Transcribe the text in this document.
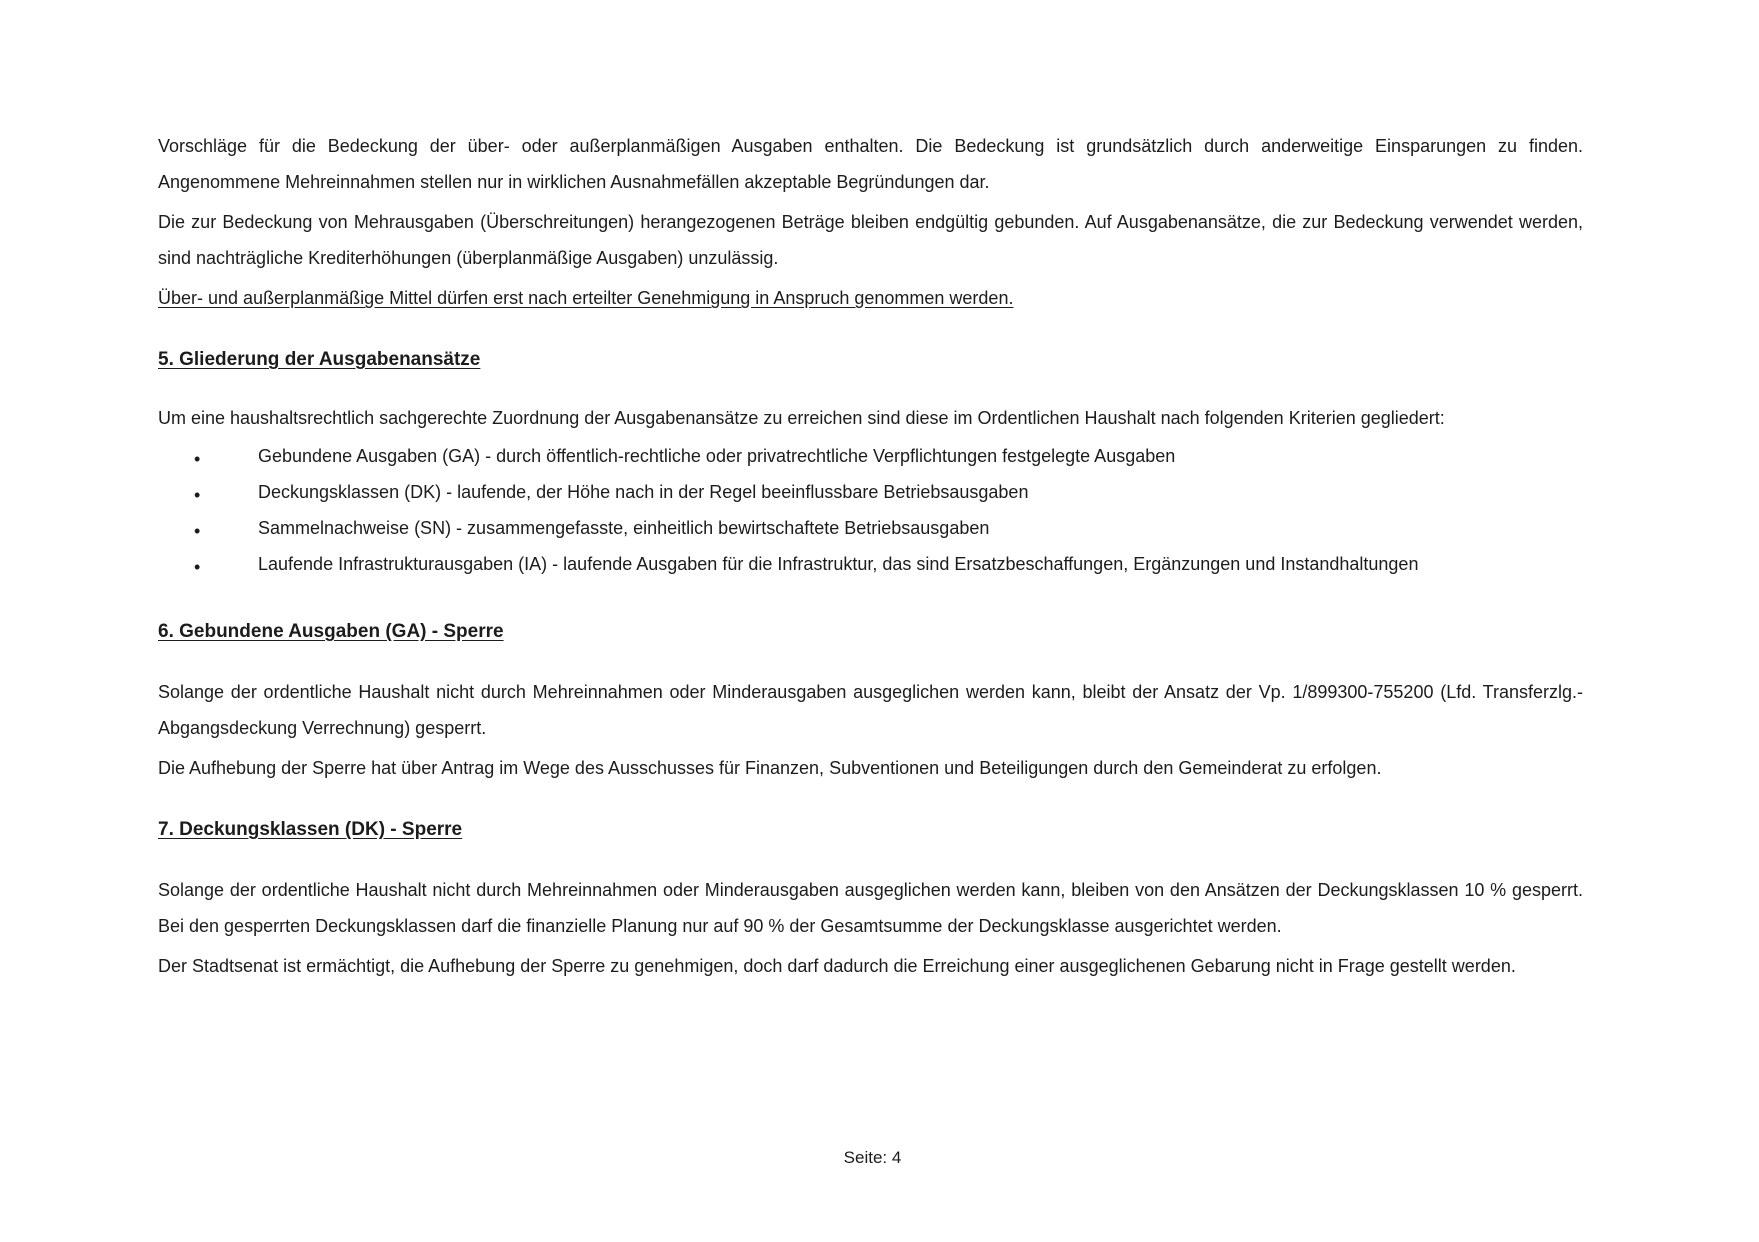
Vorschläge für die Bedeckung der über- oder außerplanmäßigen Ausgaben enthalten. Die Bedeckung ist grundsätzlich durch anderweitige Einsparungen zu finden. Angenommene Mehreinnahmen stellen nur in wirklichen Ausnahmefällen akzeptable Begründungen dar.

Die zur Bedeckung von Mehrausgaben (Überschreitungen) herangezogenen Beträge bleiben endgültig gebunden. Auf Ausgabenansätze, die zur Bedeckung verwendet werden, sind nachträgliche Krediterhöhungen (überplanmäßige Ausgaben) unzulässig.

Über- und außerplanmäßige Mittel dürfen erst nach erteilter Genehmigung in Anspruch genommen werden.

5. Gliederung der Ausgabenansätze

Um eine haushaltsrechtlich sachgerechte Zuordnung der Ausgabenansätze zu erreichen sind diese im Ordentlichen Haushalt nach folgenden Kriterien gegliedert:

•	Gebundene Ausgaben (GA) - durch öffentlich-rechtliche oder privatrechtliche Verpflichtungen festgelegte Ausgaben
•	Deckungsklassen (DK) - laufende, der Höhe nach in der Regel beeinflussbare Betriebsausgaben
•	Sammelnachweise (SN) - zusammengefasste, einheitlich bewirtschaftete Betriebsausgaben
•	Laufende Infrastrukturausgaben (IA) - laufende Ausgaben für die Infrastruktur, das sind Ersatzbeschaffungen, Ergänzungen und Instandhaltungen
6. Gebundene Ausgaben (GA) - Sperre

Solange der ordentliche Haushalt nicht durch Mehreinnahmen oder Minderausgaben ausgeglichen werden kann, bleibt der Ansatz der Vp. 1/899300-755200 (Lfd. Transferzlg.-Abgangsdeckung Verrechnung) gesperrt.

Die Aufhebung der Sperre hat über Antrag im Wege des Ausschusses für Finanzen, Subventionen und Beteiligungen durch den Gemeinderat zu erfolgen.

7. Deckungsklassen (DK) - Sperre

Solange der ordentliche Haushalt nicht durch Mehreinnahmen oder Minderausgaben ausgeglichen werden kann, bleiben von den Ansätzen der Deckungsklassen 10 % gesperrt. Bei den gesperrten Deckungsklassen darf die finanzielle Planung nur auf 90 % der Gesamtsumme der Deckungsklasse ausgerichtet werden.

Der Stadtsenat ist ermächtigt, die Aufhebung der Sperre zu genehmigen, doch darf dadurch die Erreichung einer ausgeglichenen Gebarung nicht in Frage gestellt werden.

Seite: 4
